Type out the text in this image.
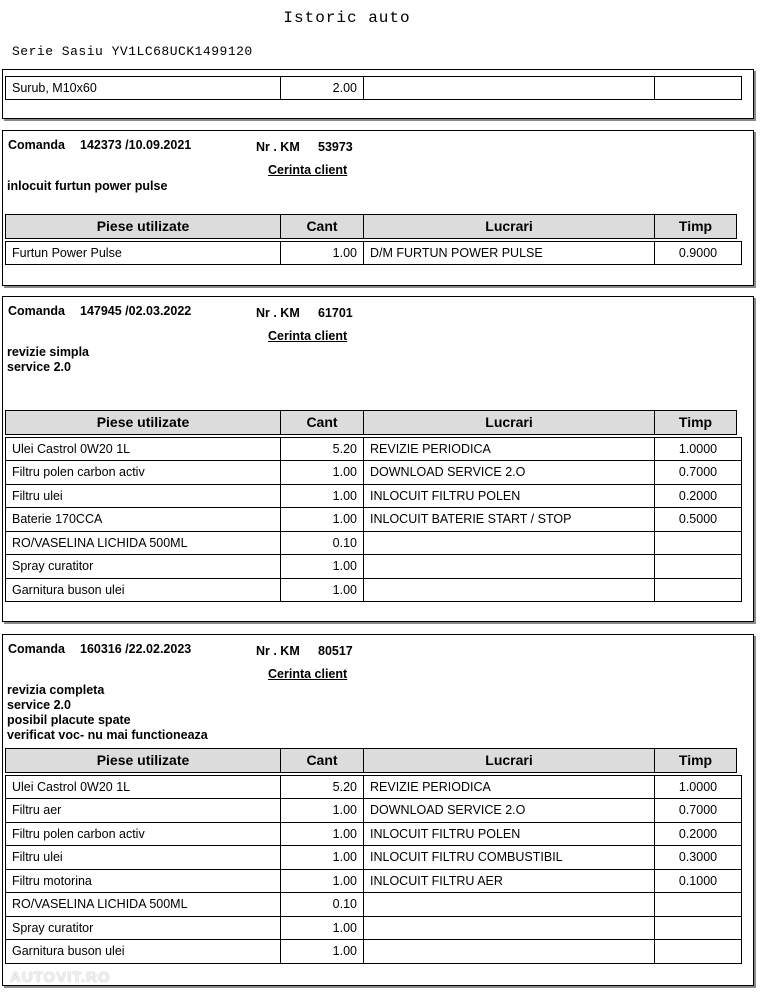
Istoric auto
Serie Sasiu YV1LC68UCK1499120
Surub, M10x60	2.00
Comanda 142373 /10.09.2021	Nr . KM 53973
Cerinta client
inlocuit furtun power pulse
Piese utilizate	Cant	Lucrari	Timp
Furtun Power Pulse	1.00	D/M FURTUN POWER PULSE	0.9000
Comanda 147945 /02.03.2022	Nr . KM 61701
Cerinta client
revizie simpla
service 2.0
Piese utilizate	Cant	Lucrari	Timp
Ulei Castrol 0W20 1L	5.20	REVIZIE PERIODICA	1.0000
Filtru polen carbon activ	1.00	DOWNLOAD SERVICE 2.O	0.7000
Filtru ulei	1.00	INLOCUIT FILTRU POLEN	0.2000
Baterie 170CCA	1.00	INLOCUIT BATERIE START / STOP	0.5000
RO/VASELINA LICHIDA 500ML	0.10
Spray curatitor	1.00
Garnitura buson ulei	1.00
Comanda 160316 /22.02.2023	Nr . KM 80517
Cerinta client
revizia completa
service 2.0
posibil placute spate
verificat voc- nu mai functioneaza
Piese utilizate	Cant	Lucrari	Timp
Ulei Castrol 0W20 1L	5.20	REVIZIE PERIODICA	1.0000
Filtru aer	1.00	DOWNLOAD SERVICE 2.O	0.7000
Filtru polen carbon activ	1.00	INLOCUIT FILTRU POLEN	0.2000
Filtru ulei	1.00	INLOCUIT FILTRU COMBUSTIBIL	0.3000
Filtru motorina	1.00	INLOCUIT FILTRU AER	0.1000
RO/VASELINA LICHIDA 500ML	0.10
Spray curatitor	1.00
Garnitura buson ulei	1.00
AUTOVIT.RO
